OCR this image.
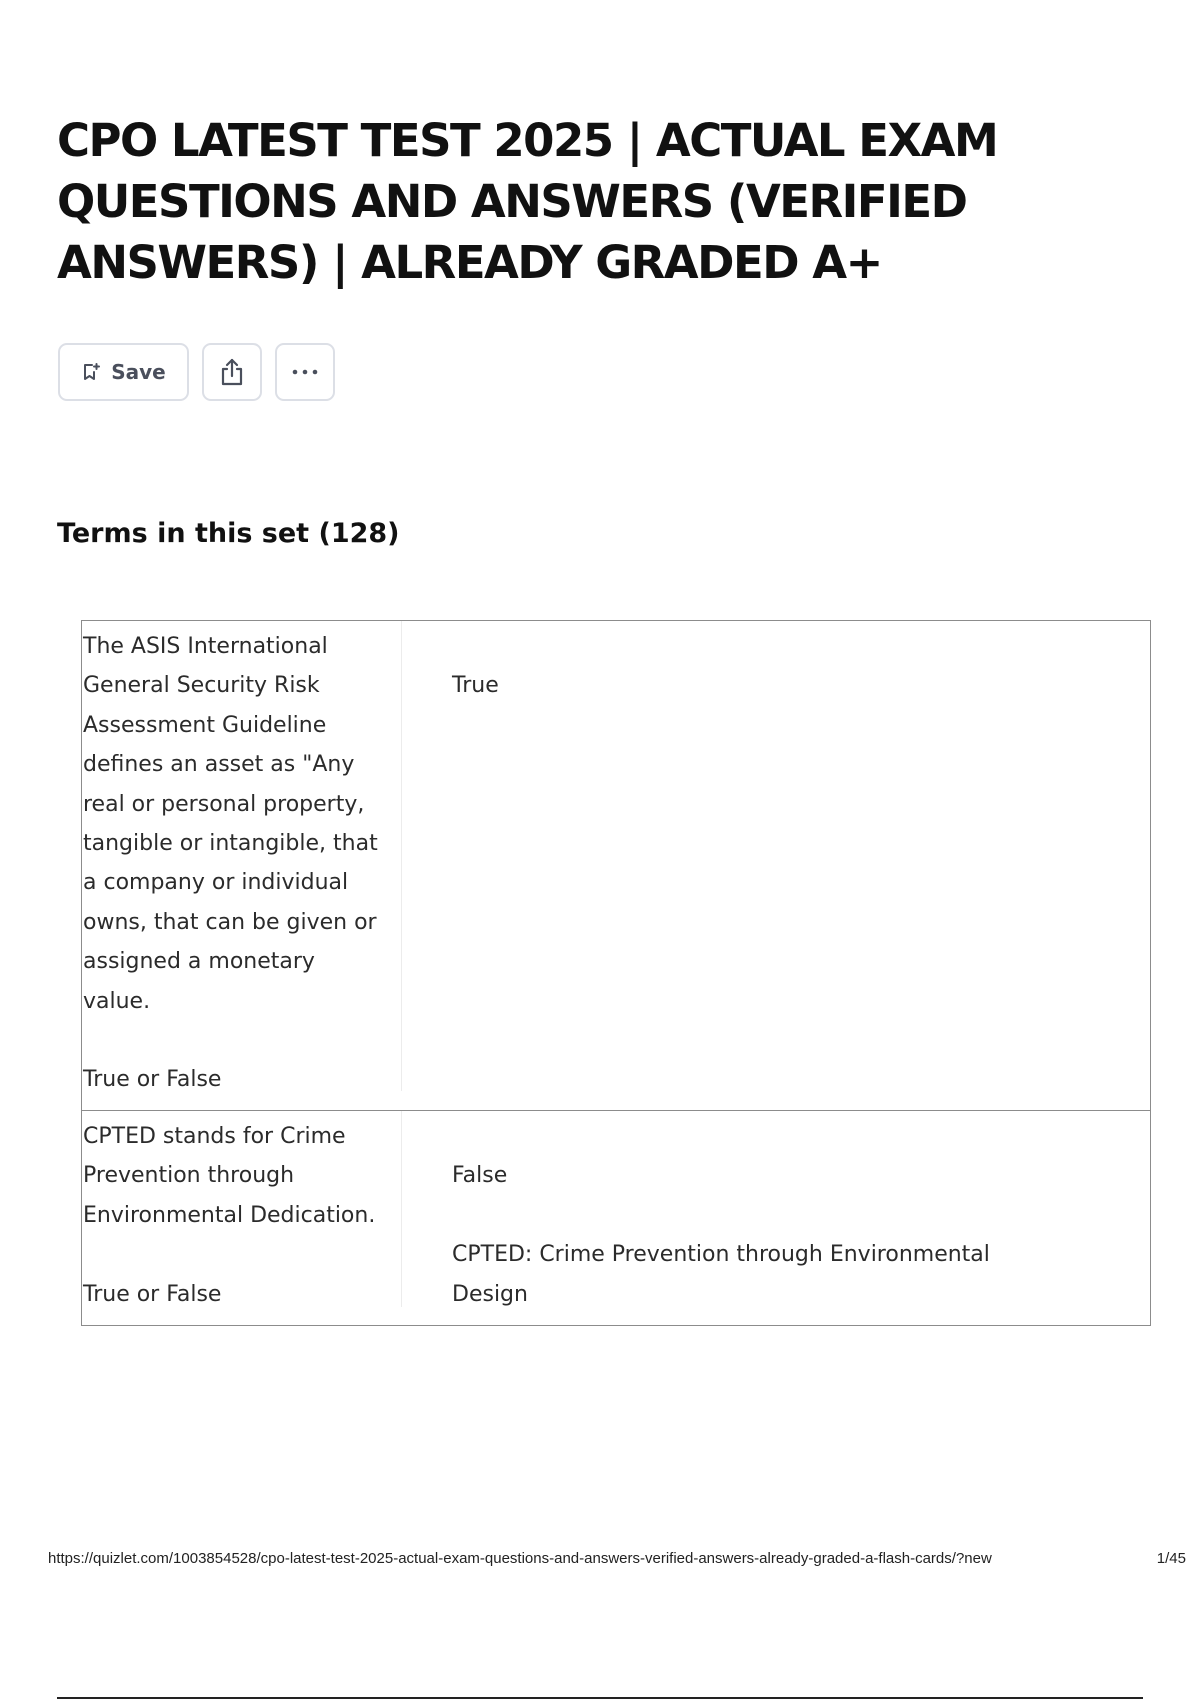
CPO LATEST TEST 2025 | ACTUAL EXAM QUESTIONS AND ANSWERS (VERIFIED ANSWERS) | ALREADY GRADED A+
Save
Terms in this set (128)
The ASIS International
General Security Risk
Assessment Guideline
defines an asset as "Any
real or personal property,
tangible or intangible, that
a company or individual
owns, that can be given or
assigned a monetary
value.

True or False

True

CPTED stands for Crime
Prevention through
Environmental Dedication.

True or False

False

CPTED: Crime Prevention through Environmental
Design

https://quizlet.com/1003854528/cpo-latest-test-2025-actual-exam-questions-and-answers-verified-answers-already-graded-a-flash-cards/?new	1/45
